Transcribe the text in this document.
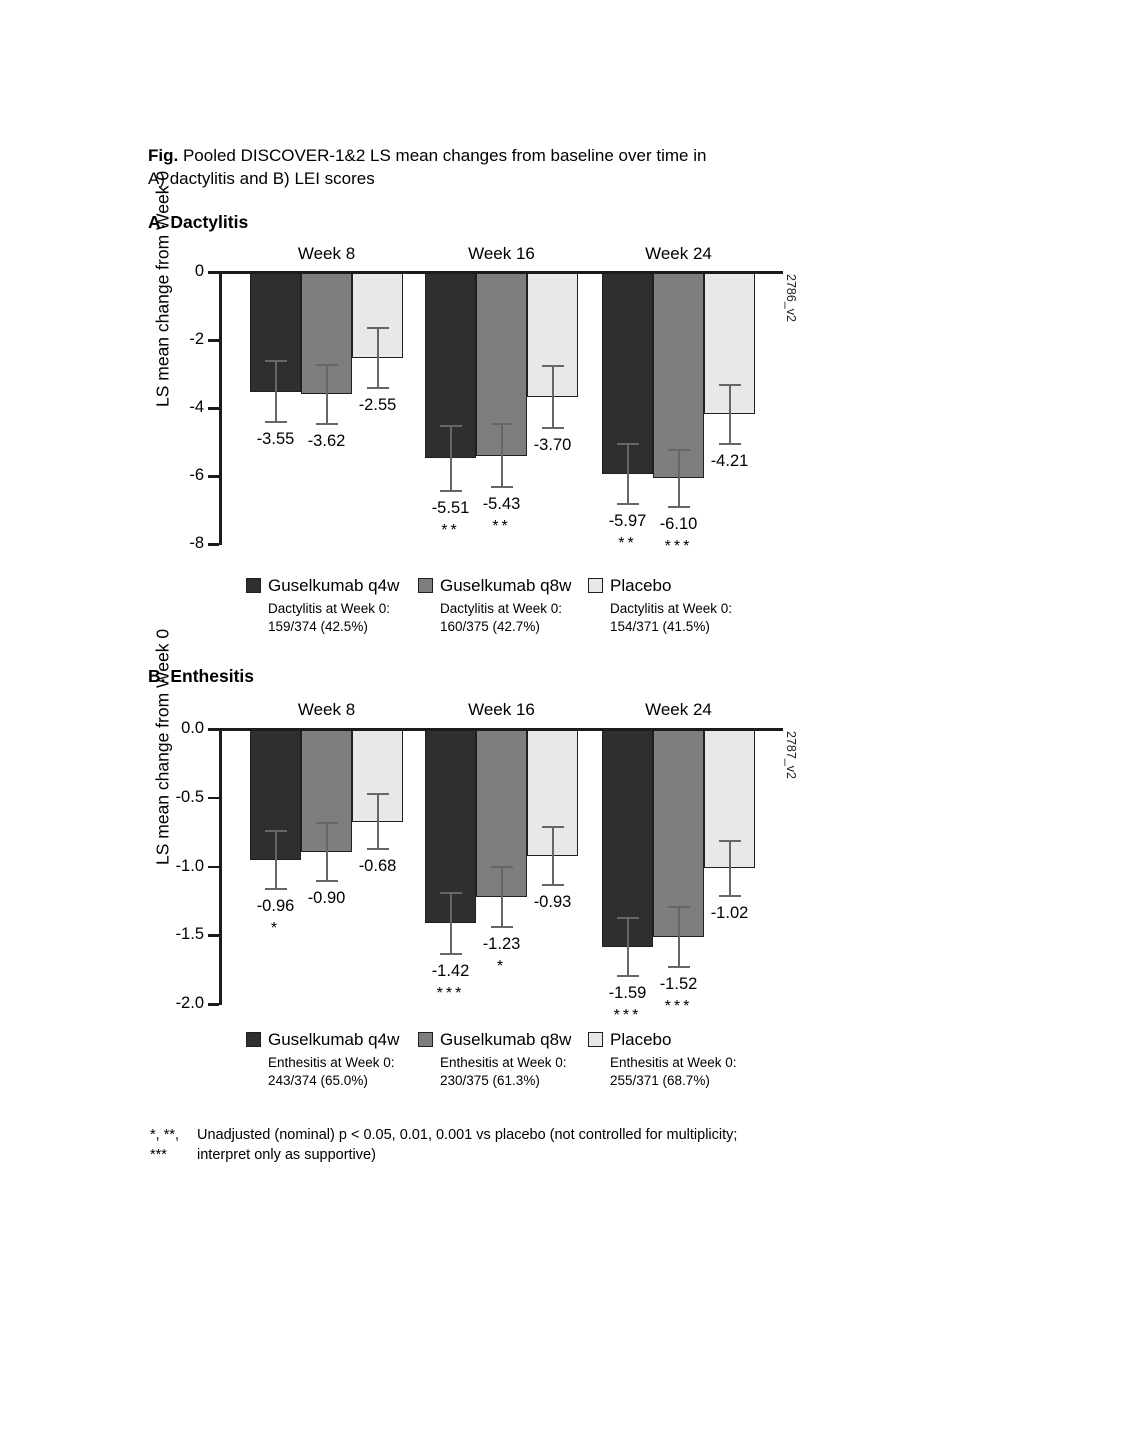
Fig. Pooled DISCOVER-1&2 LS mean changes from baseline over time in
A) dactylitis and B) LEI scores
A. Dactylitis
B. Enthesitis
LS mean change from Week 0
LS mean change from Week 0
0
-2
-4
-6
-8
Week 8	Week 16	Week 24
-3.55
-5.51
**
-5.97
**
-3.62
-5.43
**	-6.10
***
-2.55
-3.70
-4.21
Guselkumab q4w
Dactylitis at Week 0:
159/374 (42.5%)
Guselkumab q8w
Dactylitis at Week 0:
160/375 (42.7%)
Placebo
Dactylitis at Week 0:
154/371 (41.5%)
2786_v2
0.0
-0.5
-1.0
-1.5
-2.0
Week 8	Week 16	Week 24
-0.96
*
-1.42
***	-1.59
***
-0.90
-1.23
*
-1.52
***
-0.68
-0.93
-1.02
Guselkumab q4w
Enthesitis at Week 0:
243/374 (65.0%)
Guselkumab q8w
Enthesitis at Week 0:
230/375 (61.3%)
Placebo
Enthesitis at Week 0:
255/371 (68.7%)
2787_v2
*, **, ***
Unadjusted (nominal) p < 0.05, 0.01, 0.001 vs placebo (not controlled for multiplicity;
interpret only as supportive)
